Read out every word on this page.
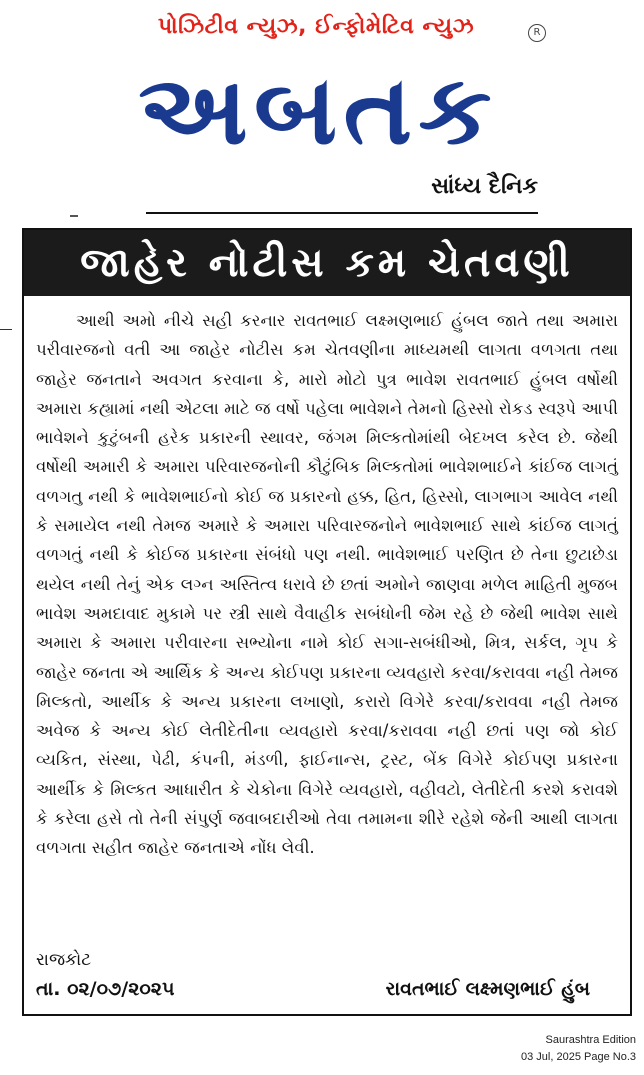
પોઝિટીવ ન્યુઝ, ઈન્ફોમેટિવ ન્યુઝ	R
અબતક
સાંધ્ય દૈનિક
જાહેર નોટીસ કમ ચેતવણી
આથી અમો નીચે સહી કરનાર રાવતભાઈ લક્ષ્મણભાઈ હુંબલ જાતે તથા અમારા પરીવારજનો વતી આ જાહેર નોટીસ કમ ચેતવણીના માધ્યમથી લાગતા વળગતા તથા જાહેર જનતાને અવગત કરવાના કે, મારો મોટો પુત્ર ભાવેશ રાવતભાઈ હુંબલ વર્ષોથી અમારા કહ્યામાં નથી એટલા માટે જ વર્ષો પહેલા ભાવેશને તેમનો હિસ્સો રોકડ સ્વરૂપે આપી ભાવેશને કુટુંબની હરેક પ્રકારની સ્થાવર, જંગમ મિલ્કતોમાંથી બેદખલ કરેલ છે. જેથી વર્ષોથી અમારી કે અમારા પરિવારજનોની કૌટુંબિક મિલ્કતોમાં ભાવેશભાઈને કાંઈજ લાગતું વળગતુ નથી કે ભાવેશભાઈનો કોઈ જ પ્રકારનો હક્ક, હિત, હિસ્સો, લાગભાગ આવેલ નથી કે સમાયેલ નથી તેમજ અમારે કે અમારા પરિવારજનોને ભાવેશભાઈ સાથે કાંઈજ લાગતું વળગતું નથી કે કોઈજ પ્રકારના સંબંધો પણ નથી. ભાવેશભાઈ પરણિત છે તેના છુટાછેડા થયેલ નથી તેનું એક લગ્ન અસ્તિત્વ ધરાવે છે છતાં અમોને જાણવા મળેલ માહિતી મુજબ ભાવેશ અમદાવાદ મુકામે પર સ્ત્રી સાથે વૈવાહીક સબંધોની જેમ રહે છે જેથી ભાવેશ સાથે અમારા કે અમારા પરીવારના સભ્યોના નામે કોઈ સગા-સબંધીઓ, મિત્ર, સર્કલ, ગૃપ કે જાહેર જનતા એ આર્થિક કે અન્ય કોઈપણ પ્રકારના વ્યવહારો કરવા/કરાવવા નહી તેમજ મિલ્કતો, આર્થીક કે અન્ય પ્રકારના લખાણો, કરારો વિગેરે કરવા/કરાવવા નહી તેમજ અવેજ કે અન્ય કોઈ લેતીદેતીના વ્યવહારો કરવા/કરાવવા નહી છતાં પણ જો કોઈ વ્યકિત, સંસ્થા, પેઢી, કંપની, મંડળી, ફાઈનાન્સ, ટ્રસ્ટ, બેંક વિગેરે કોઈપણ પ્રકારના આર્થીક કે મિલ્કત આધારીત કે ચેકોના વિગેરે વ્યવહારો, વહીવટો, લેતીદેતી કરશે કરાવશે કે કરેલા હસે તો તેની સંપુર્ણ જવાબદારીઓ તેવા તમામના શીરે રહેશે જેની આથી લાગતા વળગતા સહીત જાહેર જનતાએ નોંધ લેવી.
રાજકોટ
તા. ૦૨/૦૭/૨૦૨૫	રાવતભાઈ લક્ષ્મણભાઈ હુંબ
Saurashtra Edition
03 Jul, 2025 Page No.3
